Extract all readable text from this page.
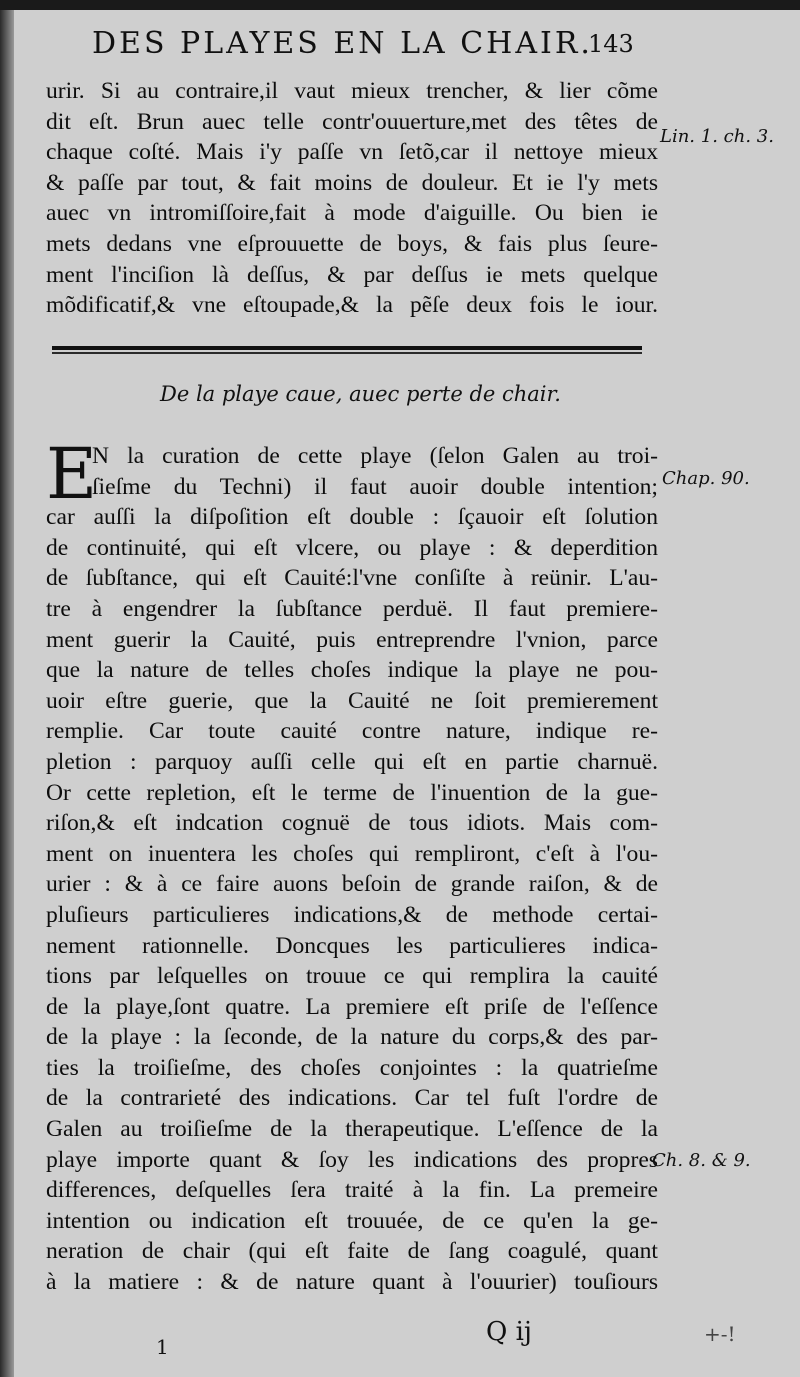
DES PLAYES EN LA CHAIR.
143
urir. Si au contraire,il vaut mieux trencher, & lier cõme
dit eſt. Brun auec telle contr'ouuerture,met des têtes de
chaque coſté. Mais i'y paſſe vn ſetõ,car il nettoye mieux
& paſſe par tout, & fait moins de douleur. Et ie l'y mets
auec vn intromiſſoire,fait à mode d'aiguille. Ou bien ie
mets dedans vne eſprouuette de boys, & fais plus ſeure-
ment l'inciſion là deſſus, & par deſſus ie mets quelque
mõdificatif,& vne eſtoupade,& la pẽſe deux fois le iour.
De la playe caue, auec perte de chair.
E
N la curation de cette playe (ſelon Galen au troi-
ſieſme du Techni) il faut auoir double intention;
car auſſi la diſpoſition eſt double : ſçauoir eſt ſolution
de continuité, qui eſt vlcere, ou playe : & deperdition
de ſubſtance, qui eſt Cauité:l'vne conſiſte à reünir. L'au-
tre à engendrer la ſubſtance perduë. Il faut premiere-
ment guerir la Cauité, puis entreprendre l'vnion, parce
que la nature de telles choſes indique la playe ne pou-
uoir eſtre guerie, que la Cauité ne ſoit premierement
remplie. Car toute cauité contre nature, indique re-
pletion : parquoy auſſi celle qui eſt en partie charnuë.
Or cette repletion, eſt le terme de l'inuention de la gue-
riſon,& eſt indcation cognuë de tous idiots. Mais com-
ment on inuentera les choſes qui rempliront, c'eſt à l'ou-
urier : & à ce faire auons beſoin de grande raiſon, & de
pluſieurs particulieres indications,& de methode certai-
nement rationnelle. Doncques les particulieres indica-
tions par leſquelles on trouue ce qui remplira la cauité
de la playe,ſont quatre. La premiere eſt priſe de l'eſſence
de la playe : la ſeconde, de la nature du corps,& des par-
ties la troiſieſme, des choſes conjointes : la quatrieſme
de la contrarieté des indications. Car tel fuſt l'ordre de
Galen au troiſieſme de la therapeutique. L'eſſence de la
playe importe quant & ſoy les indications des propres
differences, deſquelles ſera traité à la fin. La premeire
intention ou indication eſt trouuée, de ce qu'en la ge-
neration de chair (qui eſt faite de ſang coagulé, quant
à la matiere : & de nature quant à l'ouurier) touſiours
Lin. 1. ch. 3.
Chap. 90.
Ch. 8. & 9.
Q ij
1
+-!
